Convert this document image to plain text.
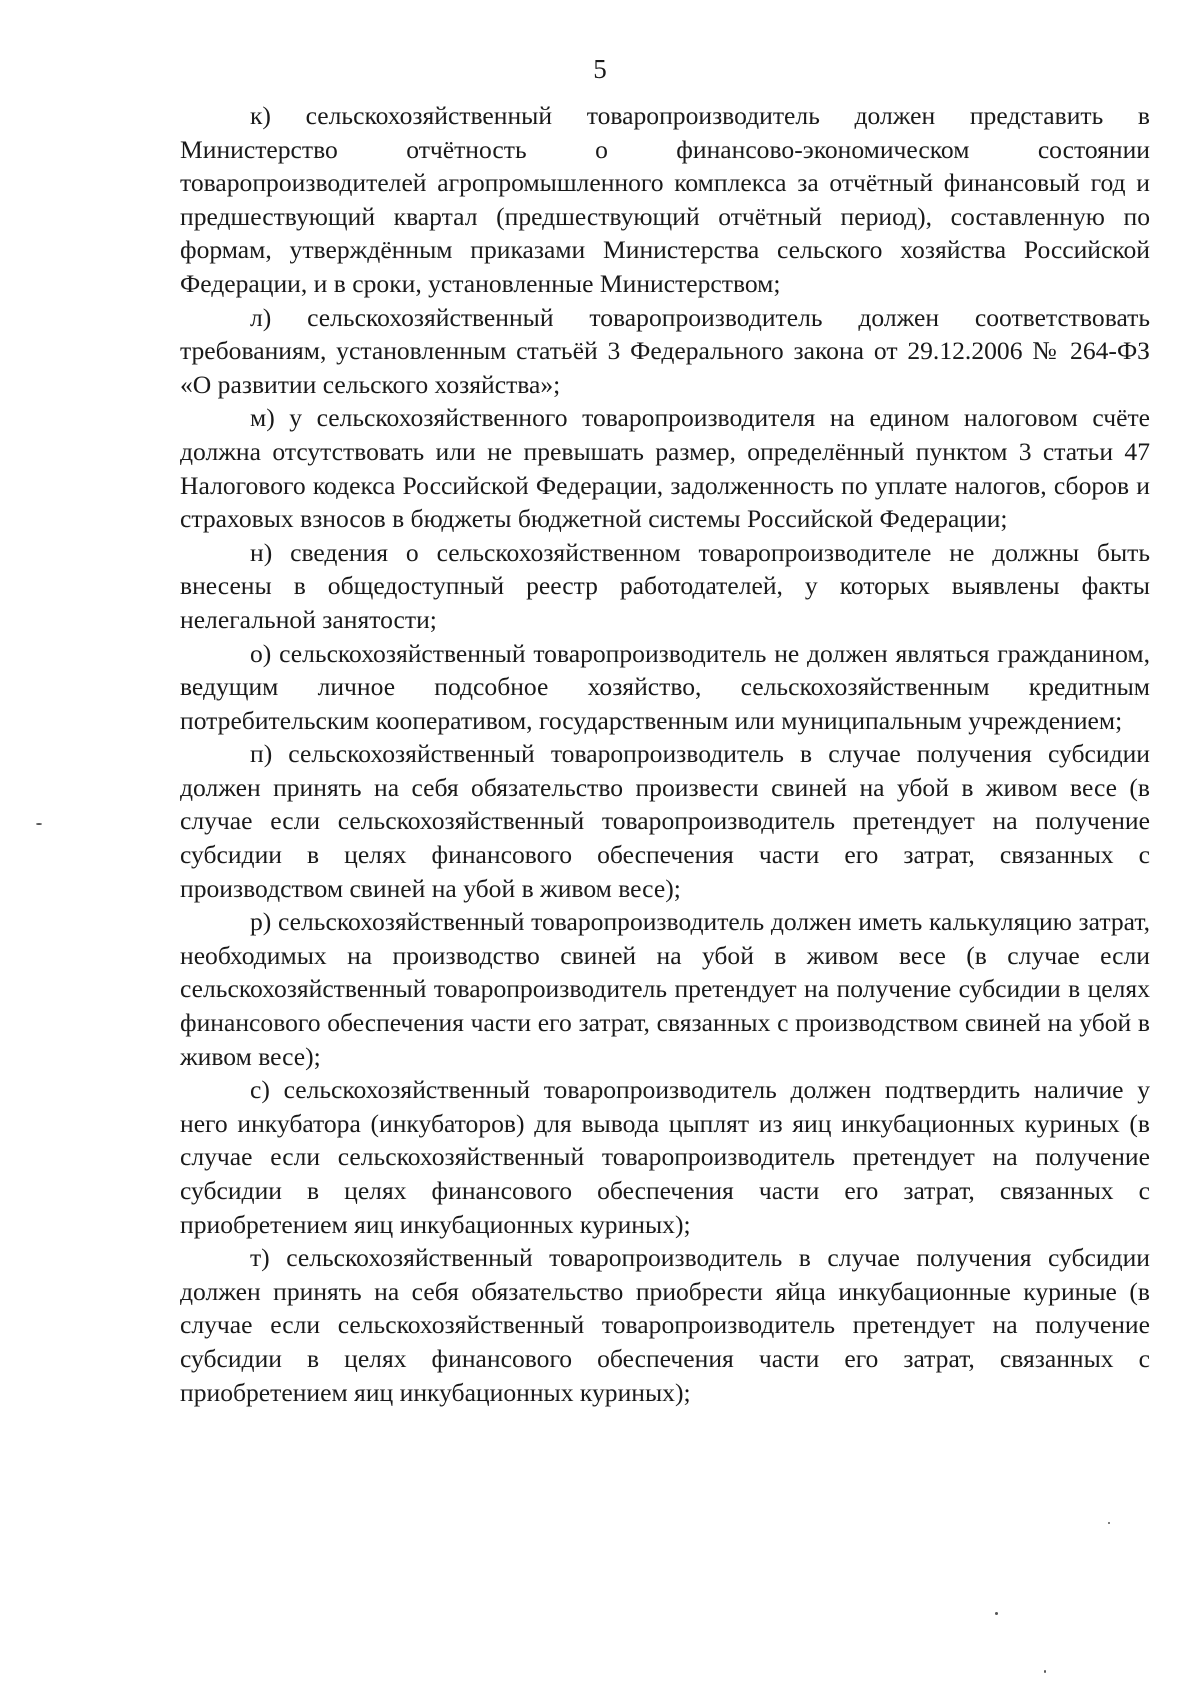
5

к) сельскохозяйственный товаропроизводитель должен представить в Министерство отчётность о финансово-экономическом состоянии товаропроизводителей агропромышленного комплекса за отчётный финансовый год и предшествующий квартал (предшествующий отчётный период), составленную по формам, утверждённым приказами Министерства сельского хозяйства Российской Федерации, и в сроки, установленные Министерством;

л) сельскохозяйственный товаропроизводитель должен соответствовать требованиям, установленным статьёй 3 Федерального закона от 29.12.2006 № 264-ФЗ «О развитии сельского хозяйства»;

м) у сельскохозяйственного товаропроизводителя на едином налоговом счёте должна отсутствовать или не превышать размер, определённый пунктом 3 статьи 47 Налогового кодекса Российской Федерации, задолженность по уплате налогов, сборов и страховых взносов в бюджеты бюджетной системы Российской Федерации;

н) сведения о сельскохозяйственном товаропроизводителе не должны быть внесены в общедоступный реестр работодателей, у которых выявлены факты нелегальной занятости;

о) сельскохозяйственный товаропроизводитель не должен являться гражданином, ведущим личное подсобное хозяйство, сельскохозяйственным кредитным потребительским кооперативом, государственным или муниципальным учреждением;

п) сельскохозяйственный товаропроизводитель в случае получения субсидии должен принять на себя обязательство произвести свиней на убой в живом весе (в случае если сельскохозяйственный товаропроизводитель претендует на получение субсидии в целях финансового обеспечения части его затрат, связанных с производством свиней на убой в живом весе);

р) сельскохозяйственный товаропроизводитель должен иметь калькуляцию затрат, необходимых на производство свиней на убой в живом весе (в случае если сельскохозяйственный товаропроизводитель претендует на получение субсидии в целях финансового обеспечения части его затрат, связанных с производством свиней на убой в живом весе);

с) сельскохозяйственный товаропроизводитель должен подтвердить наличие у него инкубатора (инкубаторов) для вывода цыплят из яиц инкубационных куриных (в случае если сельскохозяйственный товаропроизводитель претендует на получение субсидии в целях финансового обеспечения части его затрат, связанных с приобретением яиц инкубационных куриных);

т) сельскохозяйственный товаропроизводитель в случае получения субсидии должен принять на себя обязательство приобрести яйца инкубационные куриные (в случае если сельскохозяйственный товаропроизводитель претендует на получение субсидии в целях финансового обеспечения части его затрат, связанных с приобретением яиц инкубационных куриных);
